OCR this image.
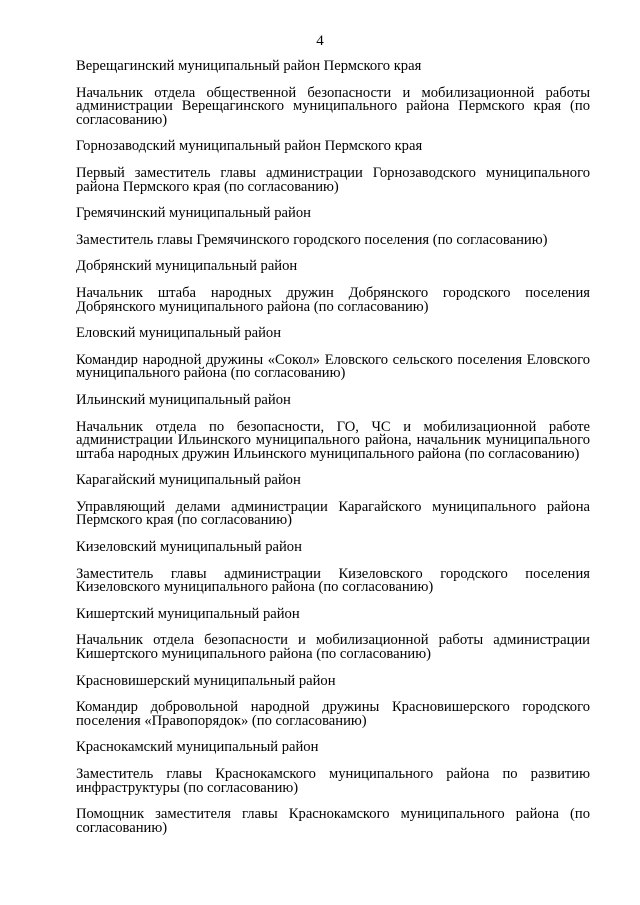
4

Верещагинский муниципальный район Пермского края

Начальник отдела общественной безопасности и мобилизационной работы администрации Верещагинского муниципального района Пермского края (по согласованию)

Горнозаводский муниципальный район Пермского края

Первый заместитель главы администрации Горнозаводского муниципального района Пермского края (по согласованию)

Гремячинский муниципальный район

Заместитель главы Гремячинского городского поселения (по согласованию)

Добрянский муниципальный район

Начальник штаба народных дружин Добрянского городского поселения Добрянского муниципального района (по согласованию)

Еловский муниципальный район

Командир народной дружины «Сокол» Еловского сельского поселения Еловского муниципального района (по согласованию)

Ильинский муниципальный район

Начальник отдела по безопасности, ГО, ЧС и мобилизационной работе администрации Ильинского муниципального района, начальник муниципального штаба народных дружин Ильинского муниципального района (по согласованию)

Карагайский муниципальный район

Управляющий делами администрации Карагайского муниципального района Пермского края (по согласованию)

Кизеловский муниципальный район

Заместитель главы администрации Кизеловского городского поселения Кизеловского муниципального района (по согласованию)

Кишертский муниципальный район

Начальник отдела безопасности и мобилизационной работы администрации Кишертского муниципального района (по согласованию)

Красновишерский муниципальный район

Командир добровольной народной дружины Красновишерского городского поселения «Правопорядок» (по согласованию)

Краснокамский муниципальный район

Заместитель главы Краснокамского муниципального района по развитию инфраструктуры (по согласованию)

Помощник заместителя главы Краснокамского муниципального района (по согласованию)
